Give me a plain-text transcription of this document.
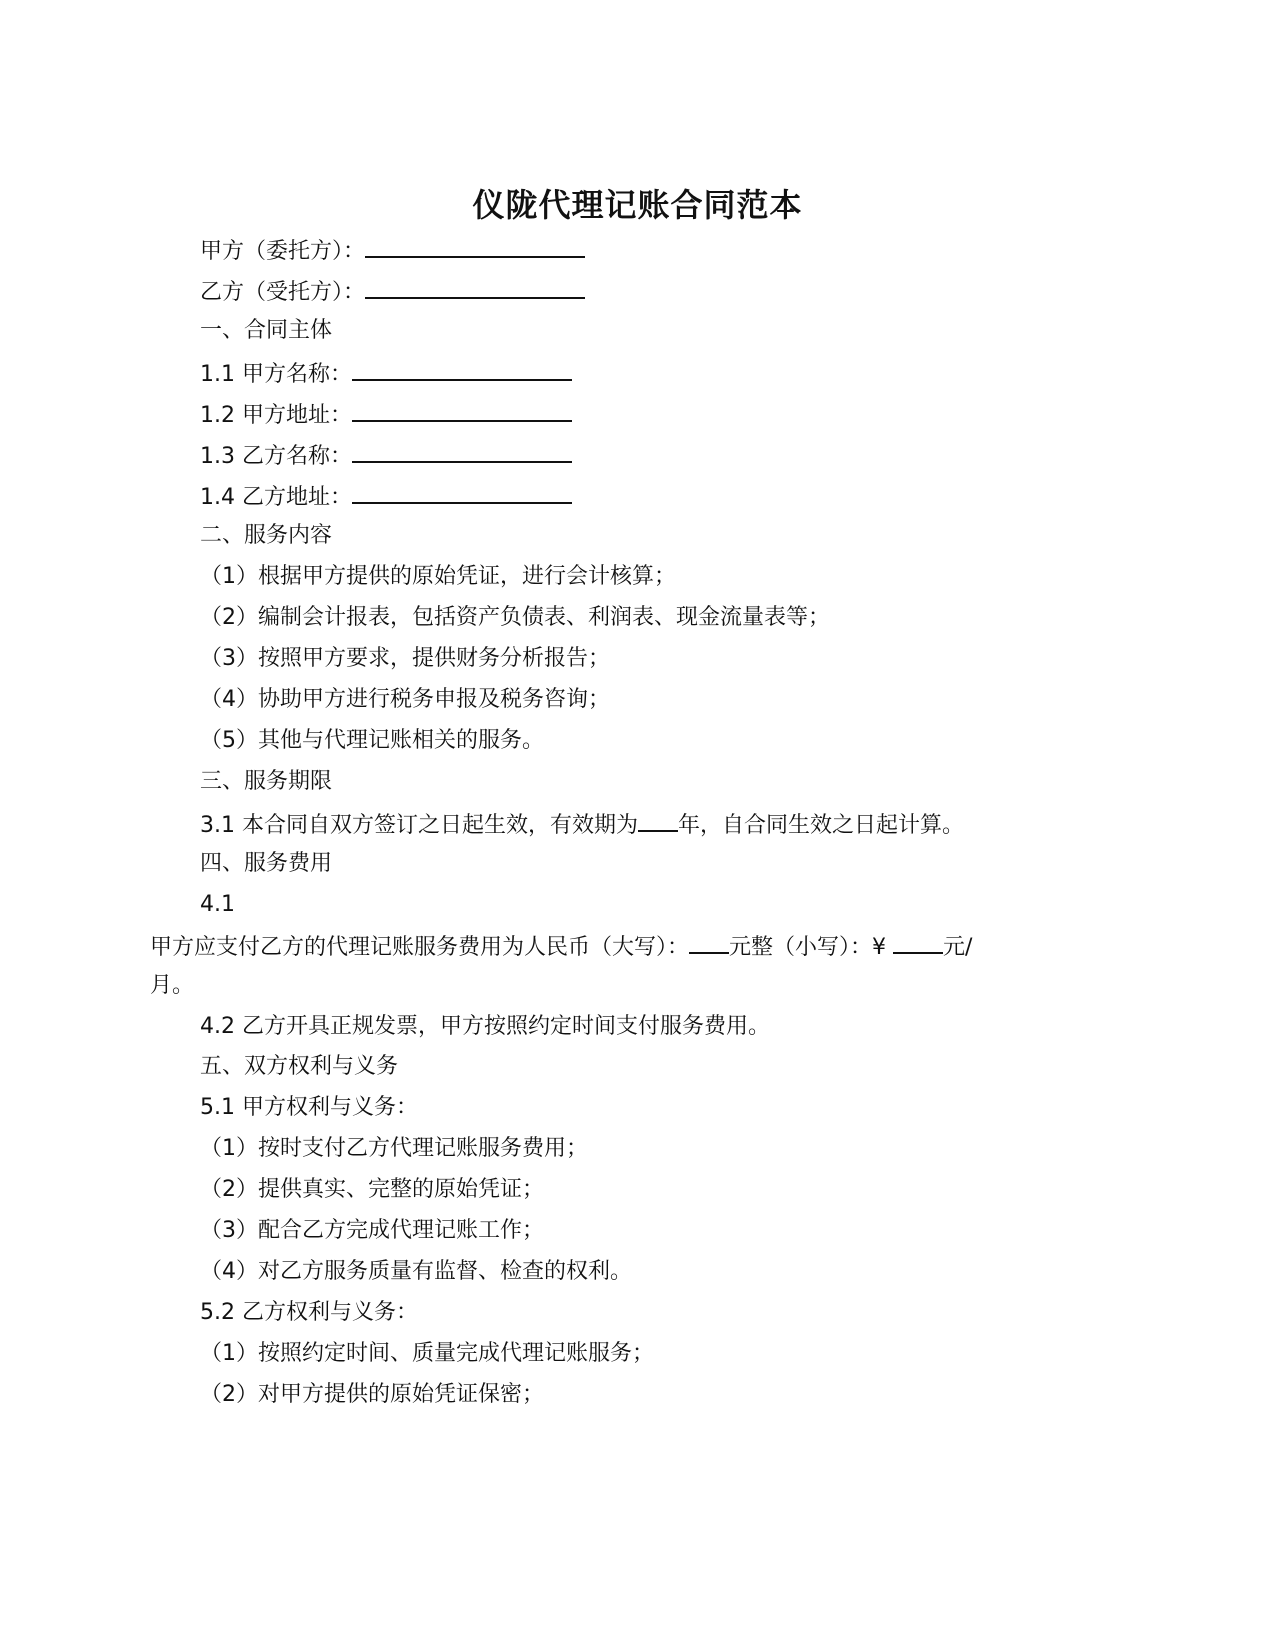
仪陇代理记账合同范本
甲方（委托方）：
乙方（受托方）：
一、合同主体
1.1 甲方名称：
1.2 甲方地址：
1.3 乙方名称：
1.4 乙方地址：
二、服务内容
（1）根据甲方提供的原始凭证，进行会计核算；
（2）编制会计报表，包括资产负债表、利润表、现金流量表等；
（3）按照甲方要求，提供财务分析报告；
（4）协助甲方进行税务申报及税务咨询；
（5）其他与代理记账相关的服务。
三、服务期限
3.1 本合同自双方签订之日起生效，有效期为 年，自合同生效之日起计算。
四、服务费用
4.1
甲方应支付乙方的代理记账服务费用为人民币（大写）： 元整（小写）：¥ 元/
月。
4.2 乙方开具正规发票，甲方按照约定时间支付服务费用。
五、双方权利与义务
5.1 甲方权利与义务：
（1）按时支付乙方代理记账服务费用；
（2）提供真实、完整的原始凭证；
（3）配合乙方完成代理记账工作；
（4）对乙方服务质量有监督、检查的权利。
5.2 乙方权利与义务：
（1）按照约定时间、质量完成代理记账服务；
（2）对甲方提供的原始凭证保密；
